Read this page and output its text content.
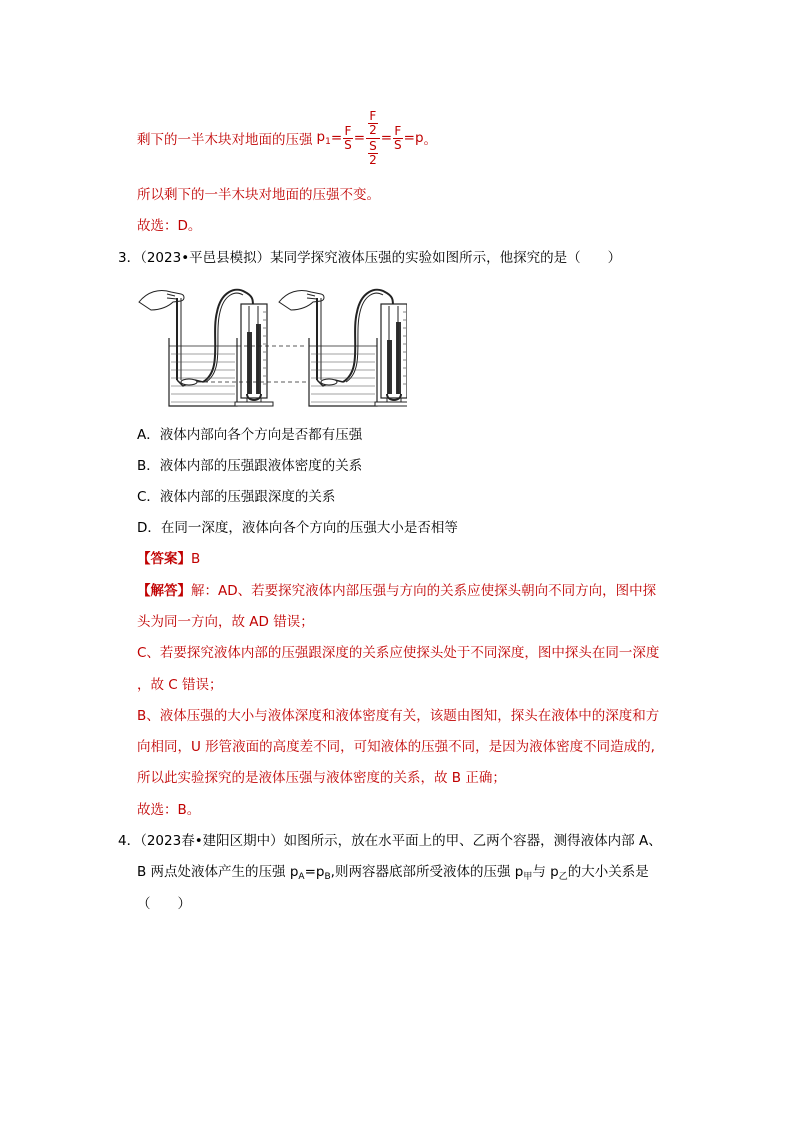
剩下的一半木块对地面的压强 $p_1 = \frac{F}{S} = \frac{\frac{F}{2}}{\frac{S}{2}} = \frac{F}{S} = p$ 。
所以剩下的一半木块对地面的压强不变。
故选：D。
3．（2023•平邑县模拟）某同学探究液体压强的实验如图所示，他探究的是（　　）
A．液体内部向各个方向是否都有压强
B．液体内部的压强跟液体密度的关系
C．液体内部的压强跟深度的关系
D．在同一深度，液体向各个方向的压强大小是否相等
【答案】B
【解答】解：AD、若要探究液体内部压强与方向的关系应使探头朝向不同方向，图中探
头为同一方向，故 AD 错误；
C、若要探究液体内部的压强跟深度的关系应使探头处于不同深度，图中探头在同一深度
，故 C 错误；
B、液体压强的大小与液体深度和液体密度有关，该题由图知，探头在液体中的深度和方
向相同，U 形管液面的高度差不同，可知液体的压强不同，是因为液体密度不同造成的,
所以此实验探究的是液体压强与液体密度的关系，故 B 正确；
故选：B。
4．（2023春•建阳区期中）如图所示，放在水平面上的甲、乙两个容器，测得液体内部 A、
B 两点处液体产生的压强 $p_A=p_B$,则两容器底部所受液体的压强 $p_甲$与 $p_乙$的大小关系是
（　　）
